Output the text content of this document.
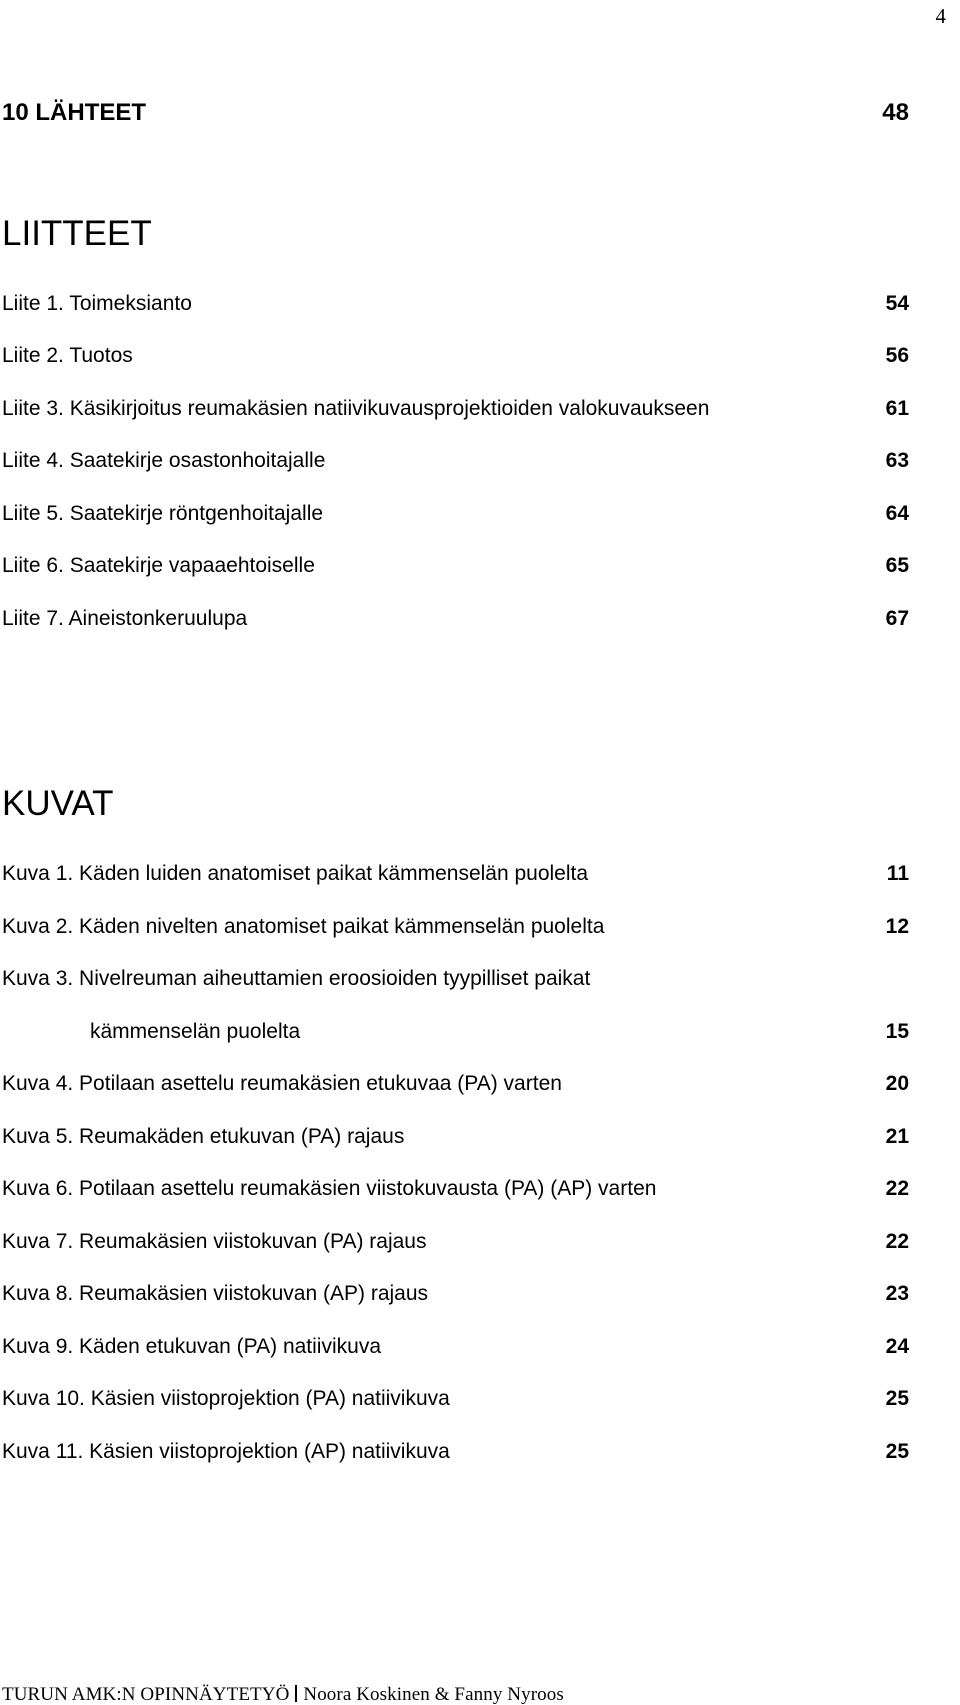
4
10 LÄHTEET	48
LIITTEET
Liite 1. Toimeksianto	54
Liite 2. Tuotos	56
Liite 3. Käsikirjoitus reumakäsien natiivikuvausprojektioiden valokuvaukseen	61
Liite 4. Saatekirje osastonhoitajalle	63
Liite 5. Saatekirje röntgenhoitajalle	64
Liite 6. Saatekirje vapaaehtoiselle	65
Liite 7. Aineistonkeruulupa	67
KUVAT
Kuva 1. Käden luiden anatomiset paikat kämmenselän puolelta	11
Kuva 2. Käden nivelten anatomiset paikat kämmenselän puolelta	12
Kuva 3. Nivelreuman aiheuttamien eroosioiden tyypilliset paikat
kämmenselän puolelta	15
Kuva 4. Potilaan asettelu reumakäsien etukuvaa (PA) varten	20
Kuva 5. Reumakäden etukuvan (PA) rajaus	21
Kuva 6. Potilaan asettelu reumakäsien viistokuvausta (PA) (AP) varten	22
Kuva 7. Reumakäsien viistokuvan (PA) rajaus	22
Kuva 8. Reumakäsien viistokuvan (AP) rajaus	23
Kuva 9. Käden etukuvan (PA) natiivikuva	24
Kuva 10. Käsien viistoprojektion (PA) natiivikuva	25
Kuva 11. Käsien viistoprojektion (AP) natiivikuva	25
TURUN AMK:N OPINNÄYTETYÖ Noora Koskinen & Fanny Nyroos
